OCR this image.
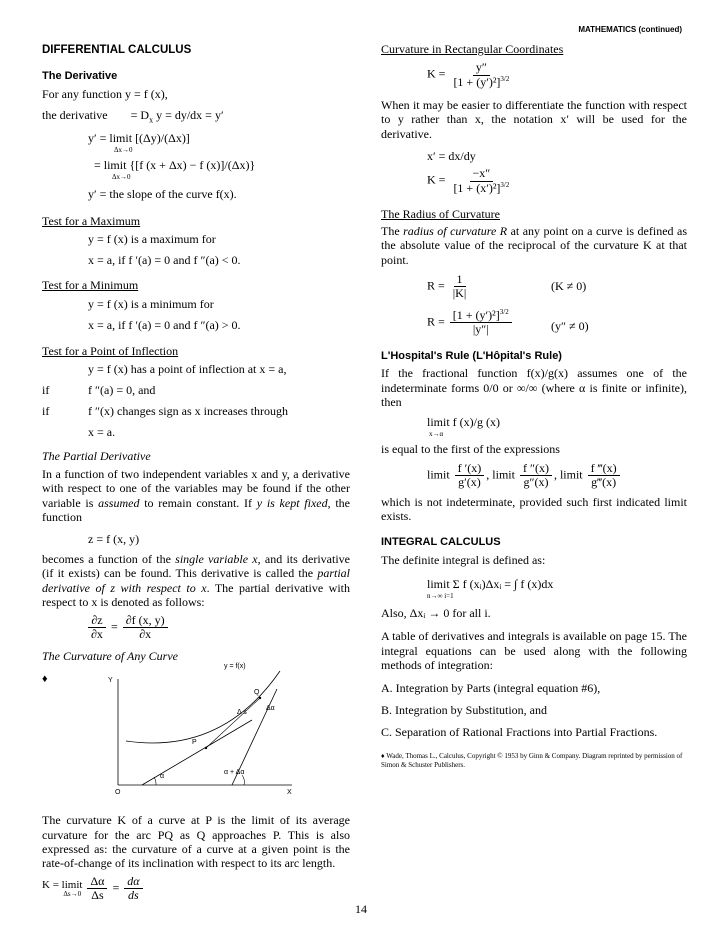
MATHEMATICS (continued)

DIFFERENTIAL CALCULUS

The Derivative

For any function y = f (x),

the derivative = $D_x$ y = dy/dx = y′

y′ = limit [(Δy)/(Δx)]
Δx→0
= limit {[f (x + Δx) − f (x)]/(Δx)}
Δx→0

y′ = the slope of the curve f(x).

Test for a Maximum

y = f (x) is a maximum for

x = a, if f ′(a) = 0 and f ″(a) < 0.

Test for a Minimum

y = f (x) is a minimum for

x = a, if f ′(a) = 0 and f ″(a) > 0.

Test for a Point of Inflection

y = f (x) has a point of inflection at x = a,

if	f ″(a) = 0, and
if	f ″(x) changes sign as x increases through

x = a.

The Partial Derivative

In a function of two independent variables x and y, a derivative with respect to one of the variables may be found if the other variable is assumed to remain constant. If y is kept fixed, the function

z = f (x, y)

becomes a function of the single variable x, and its derivative (if it exists) can be found. This derivative is called the partial derivative of z with respect to x. The partial derivative with respect to x is denoted as follows:

$\frac{\partial z}{\partial x} = \frac{\partial f (x, y)}{\partial x}$

The Curvature of Any Curve

♦
y = f(x)
Y
Q
Δα
Δ s
P
α
α + Δα
O	X

The curvature K of a curve at P is the limit of its average curvature for the arc PQ as Q approaches P. This is also expressed as: the curvature of a curve at a given point is the rate-of-change of its inclination with respect to its arc length.

K = limit
Δs→0
$\frac{\Delta\alpha}{\Delta s} = \frac{d\alpha}{ds}$

Curvature in Rectangular Coordinates

$K = \frac{y''}{[1 + (y')^2]^{3/2}}$

When it may be easier to differentiate the function with respect to y rather than x, the notation x′ will be used for the derivative.

x′ = dx/dy

$K = \frac{-x''}{[1 + (x')^2]^{3/2}}$

The Radius of Curvature

The radius of curvature R at any point on a curve is defined as the absolute value of the reciprocal of the curvature K at that point.

$R = \frac{1}{|K|}$	(K ≠ 0)
$R = \frac{[1 + (y')^2]^{3/2}}{|y''|}$	(y″ ≠ 0)

L'Hospital's Rule (L'Hôpital's Rule)

If the fractional function f(x)/g(x) assumes one of the indeterminate forms 0/0 or ∞/∞ (where α is finite or infinite), then

limit f (x)/g (x)
x→α

is equal to the first of the expressions

limit $\frac{f '(x)}{g'(x)}$ , limit $\frac{f ''(x)}{g''(x)}$ , limit $\frac{f ‴(x)}{g‴(x)}$

which is not indeterminate, provided such first indicated limit exists.

INTEGRAL CALCULUS

The definite integral is defined as:

limit Σ f (xᵢ)Δxᵢ = ∫ f (x)dx
n→∞ i=1

Also, Δxᵢ → 0 for all i.

A table of derivatives and integrals is available on page 15. The integral equations can be used along with the following methods of integration:

A. Integration by Parts (integral equation #6),

B. Integration by Substitution, and

C. Separation of Rational Fractions into Partial Fractions.

♦ Wade, Thomas L., Calculus, Copyright © 1953 by Ginn & Company. Diagram reprinted by permission of Simon & Schuster Publishers.

14
